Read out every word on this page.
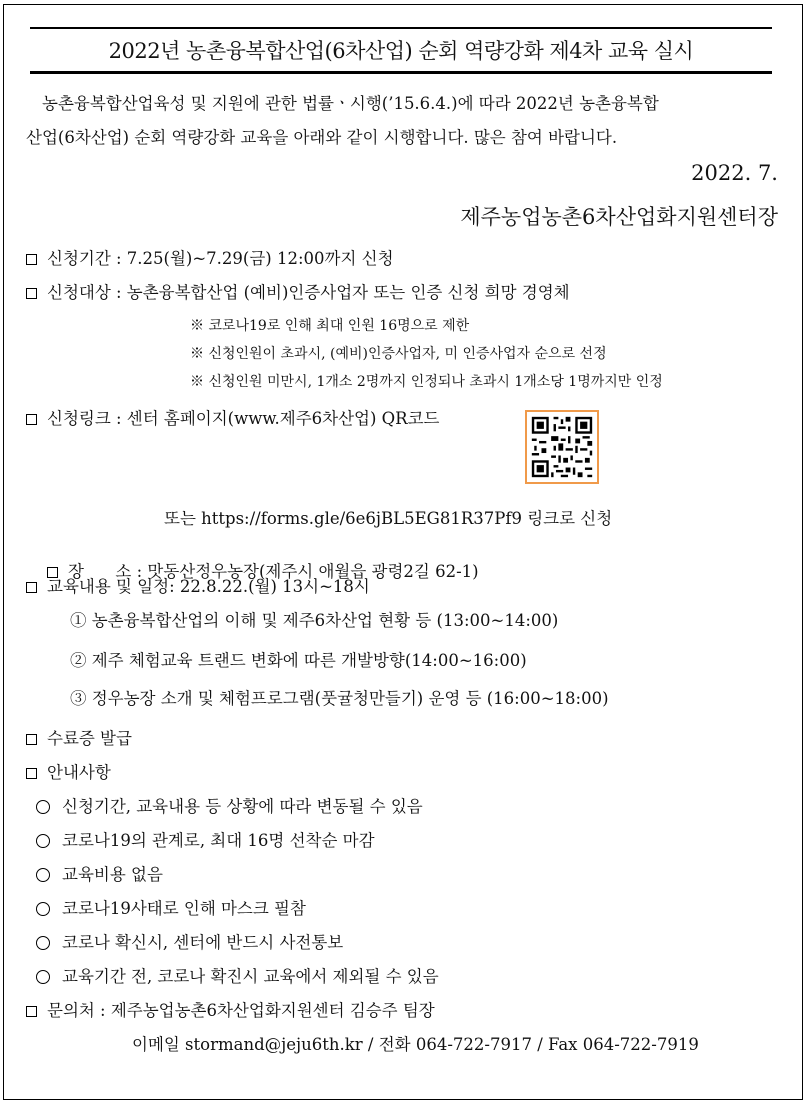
2022년 농촌융복합산업(6차산업) 순회 역량강화 제4차 교육 실시
농촌융복합산업육성 및 지원에 관한 법률ㆍ시행(’15.6.4.)에 따라 2022년 농촌융복합
산업(6차산업) 순회 역량강화 교육을 아래와 같이 시행합니다. 많은 참여 바랍니다.
2022. 7.
제주농업농촌6차산업화지원센터장
신청기간 : 7.25(월)~7.29(금) 12:00까지 신청
신청대상 : 농촌융복합산업 (예비)인증사업자 또는 인증 신청 희망 경영체
※ 코로나19로 인해 최대 인원 16명으로 제한
※ 신청인원이 초과시, (예비)인증사업자, 미 인증사업자 순으로 선정
※ 신청인원 미만시, 1개소 2명까지 인정되나 초과시 1개소당 1명까지만 인정
신청링크 : 센터 홈페이지(www.제주6차산업) QR코드
또는 https://forms.gle/6e6jBL5EG81R37Pf9 링크로 신청

장      소 : 맛동산정우농장(제주시 애월읍 광령2길 62-1)

교육내용 및 일정: 22.8.22.(월) 13시~18시
① 농촌융복합산업의 이해 및 제주6차산업 현황 등 (13:00~14:00)
② 제주 체험교육 트랜드 변화에 따른 개발방향(14:00~16:00)
③ 정우농장 소개 및 체험프로그램(풋귤청만들기) 운영 등 (16:00~18:00)
수료증 발급
안내사항
신청기간, 교육내용 등 상황에 따라 변동될 수 있음
코로나19의 관계로, 최대 16명 선착순 마감
교육비용 없음
코로나19사태로 인해 마스크 필참
코로나 확신시, 센터에 반드시 사전통보
교육기간 전, 코로나 확진시 교육에서 제외될 수 있음
문의처 : 제주농업농촌6차산업화지원센터 김승주 팀장
이메일 stormand@jeju6th.kr / 전화 064-722-7917 / Fax 064-722-7919
